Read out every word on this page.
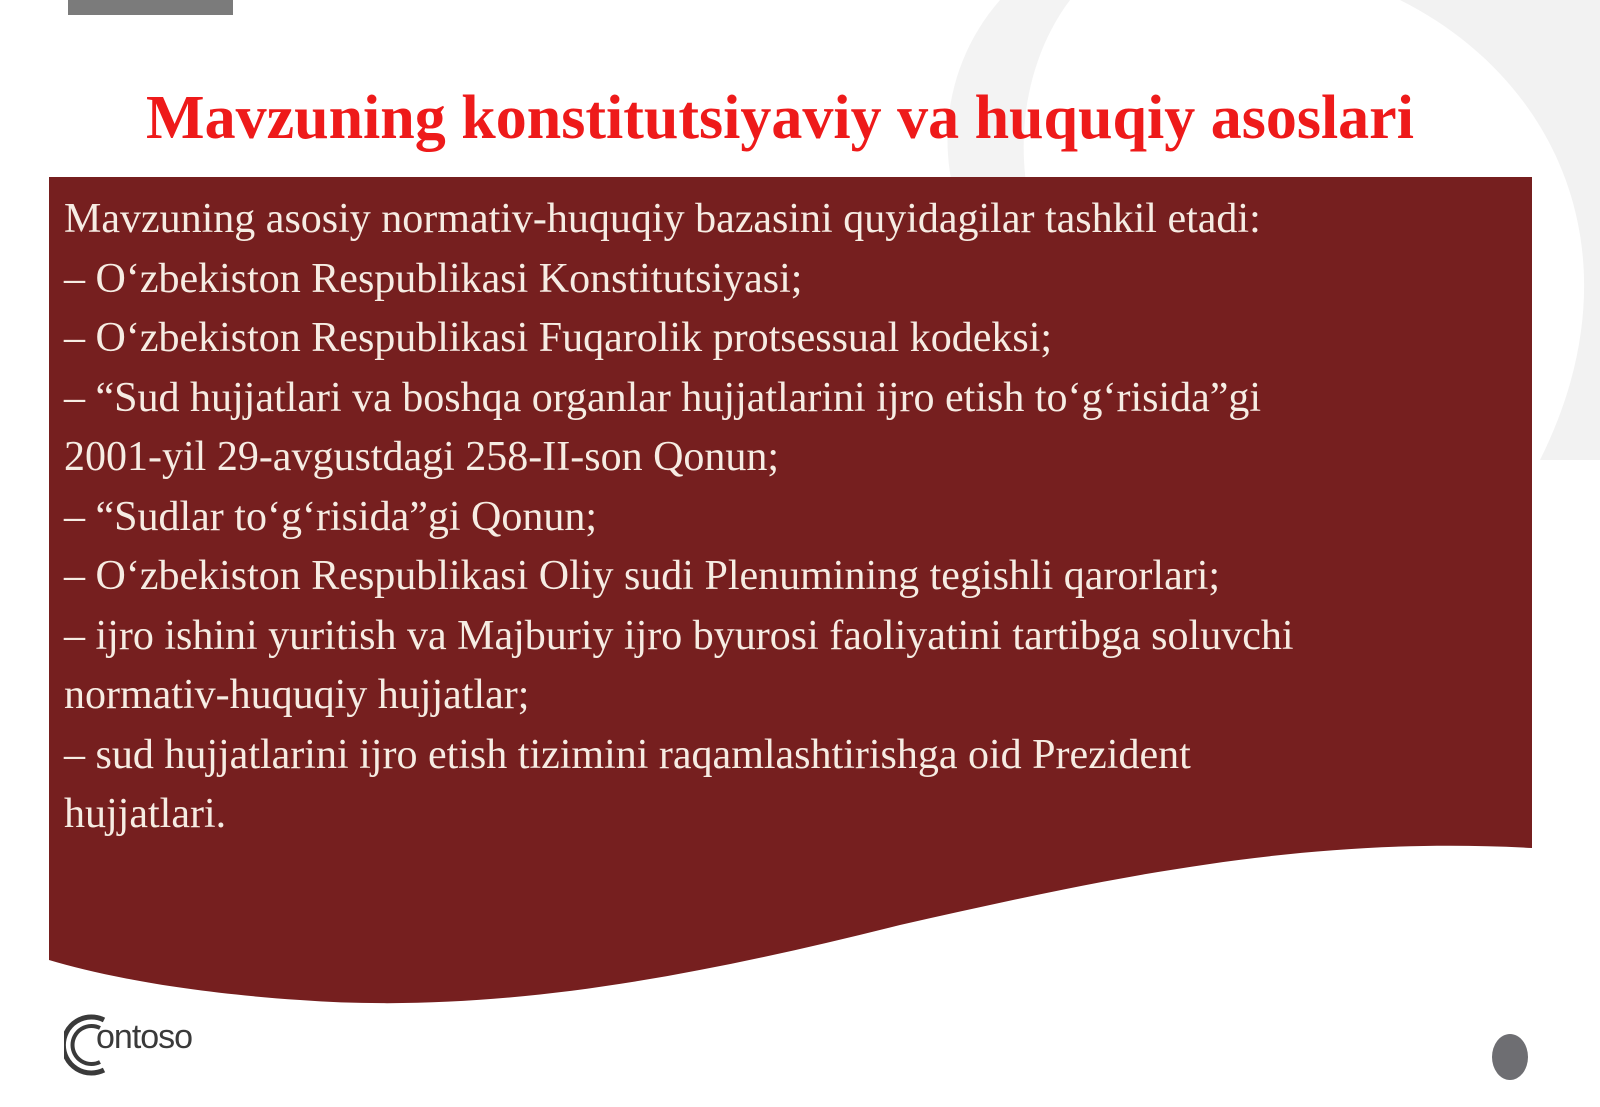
Mavzuning konstitutsiyaviy va huquqiy asoslari
Mavzuning asosiy normativ-huquqiy bazasini quyidagilar tashkil etadi:
– O‘zbekiston Respublikasi Konstitutsiyasi;
– O‘zbekiston Respublikasi Fuqarolik protsessual kodeksi;
– “Sud hujjatlari va boshqa organlar hujjatlarini ijro etish to‘g‘risida”gi
2001-yil 29-avgustdagi 258-II-son Qonun;
– “Sudlar to‘g‘risida”gi Qonun;
– O‘zbekiston Respublikasi Oliy sudi Plenumining tegishli qarorlari;
– ijro ishini yuritish va Majburiy ijro byurosi faoliyatini tartibga soluvchi
normativ-huquqiy hujjatlar;
– sud hujjatlarini ijro etish tizimini raqamlashtirishga oid Prezident
hujjatlari.
ontoso
